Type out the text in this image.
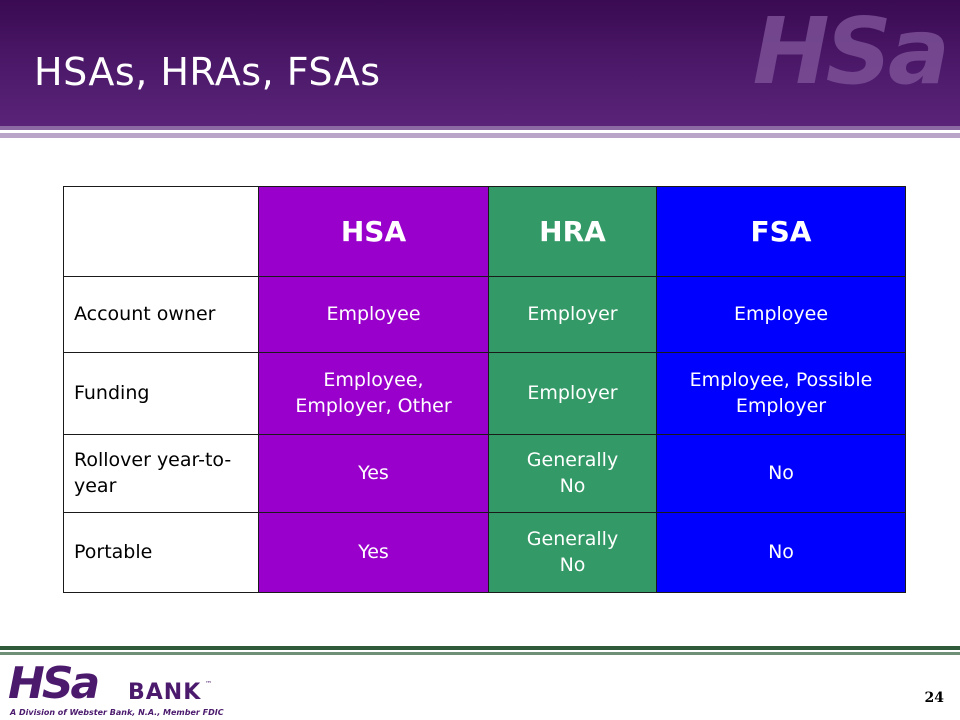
HSa
HSAs, HRAs, FSAs
	HSA	HRA	FSA
Account owner	Employee	Employer	Employee
Funding	Employee, Employer, Other	Employer	Employee, Possible Employer
Rollover year-to-year	Yes	Generally No	No
Portable	Yes	Generally No	No
HSa BANK ™
A Division of Webster Bank, N.A., Member FDIC
24
